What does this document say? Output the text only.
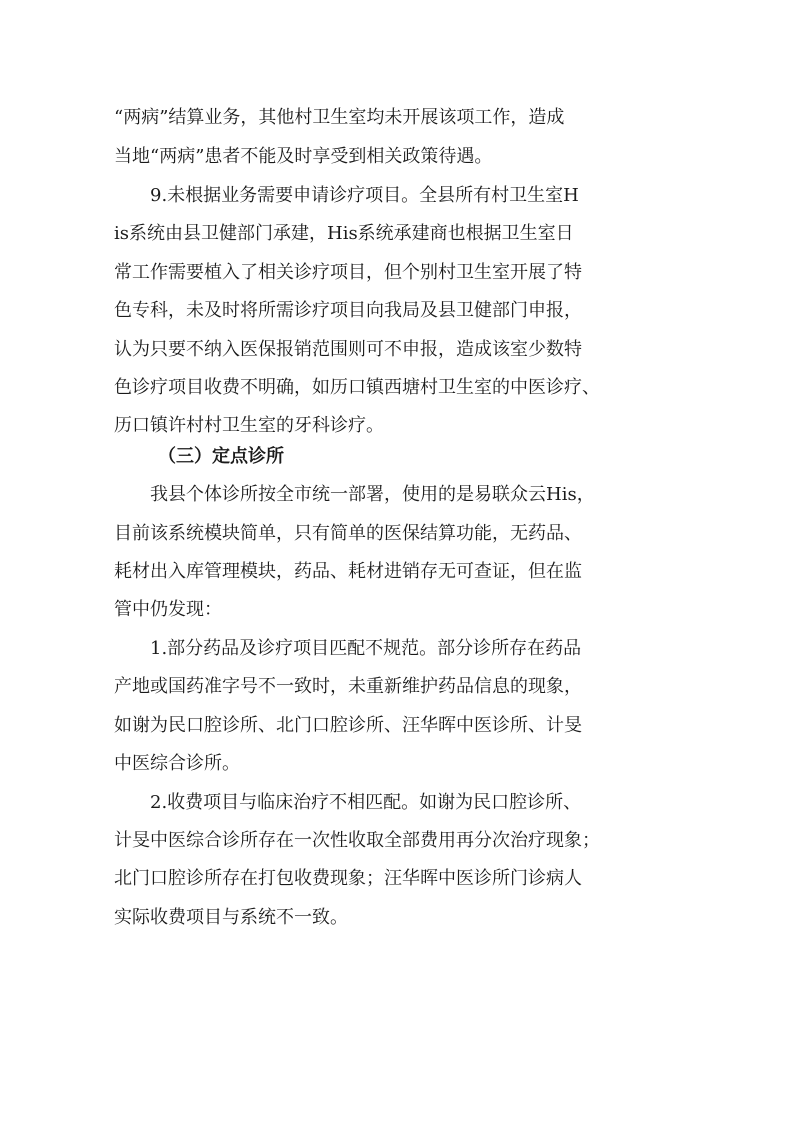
“两病”结算业务，其他村卫生室均未开展该项工作，造成
当地“两病”患者不能及时享受到相关政策待遇。
9.未根据业务需要申请诊疗项目。全县所有村卫生室H
is系统由县卫健部门承建，His系统承建商也根据卫生室日
常工作需要植入了相关诊疗项目，但个别村卫生室开展了特
色专科，未及时将所需诊疗项目向我局及县卫健部门申报，
认为只要不纳入医保报销范围则可不申报，造成该室少数特
色诊疗项目收费不明确，如历口镇西塘村卫生室的中医诊疗、
历口镇许村村卫生室的牙科诊疗。
（三）定点诊所
我县个体诊所按全市统一部署，使用的是易联众云His，
目前该系统模块简单，只有简单的医保结算功能，无药品、
耗材出入库管理模块，药品、耗材进销存无可查证，但在监
管中仍发现：
1.部分药品及诊疗项目匹配不规范。部分诊所存在药品
产地或国药准字号不一致时，未重新维护药品信息的现象，
如谢为民口腔诊所、北门口腔诊所、汪华晖中医诊所、计旻
中医综合诊所。
2.收费项目与临床治疗不相匹配。如谢为民口腔诊所、
计旻中医综合诊所存在一次性收取全部费用再分次治疗现象；
北门口腔诊所存在打包收费现象；汪华晖中医诊所门诊病人
实际收费项目与系统不一致。
